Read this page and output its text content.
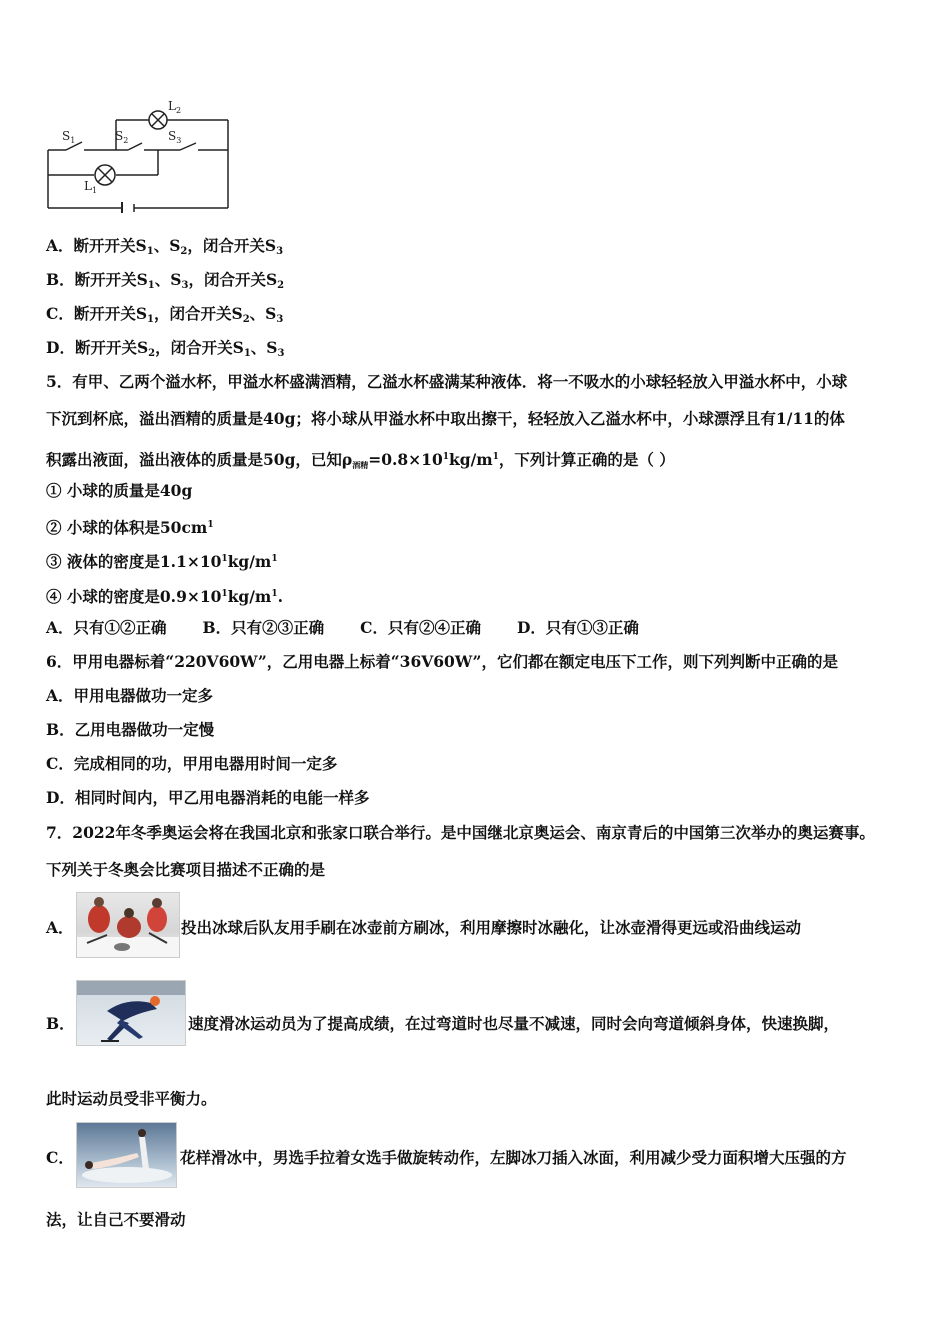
$S_1$	$S_2$	$S_3$
$L_1$
$L_2$
A．断开开关$S_1$、$S_2$，闭合开关$S_3$
B．断开开关$S_1$、$S_3$，闭合开关$S_2$
C．断开开关$S_1$，闭合开关$S_2$、$S_3$
D．断开开关$S_2$，闭合开关$S_1$、$S_3$
5．有甲、乙两个溢水杯，甲溢水杯盛满酒精，乙溢水杯盛满某种液体．将一不吸水的小球轻轻放入甲溢水杯中，小球
下沉到杯底，溢出酒精的质量是40g；将小球从甲溢水杯中取出擦干，轻轻放入乙溢水杯中，小球漂浮且有1/11的体
积露出液面，溢出液体的质量是50g，已知ρ酒精$=0.8\times 10^1kg/m^1$，下列计算正确的是（ ）
① 小球的质量是40g
② 小球的体积是$50cm^1$
③ 液体的密度是$1.1\times 10^1kg/m^1$
④ 小球的密度是$0.9\times 10^1kg/m^1$.
A．只有①②正确 B．只有②③正确 C．只有②④正确 D．只有①③正确
6．甲用电器标着“220V60W”，乙用电器上标着“36V60W”，它们都在额定电压下工作，则下列判断中正确的是
A．甲用电器做功一定多
B．乙用电器做功一定慢
C．完成相同的功，甲用电器用时间一定多
D．相同时间内，甲乙用电器消耗的电能一样多
7．2022年冬季奥运会将在我国北京和张家口联合举行。是中国继北京奥运会、南京青后的中国第三次举办的奥运赛事。
下列关于冬奥会比赛项目描述不正确的是
A．	投出冰球后队友用手刷在冰壶前方刷冰，利用摩擦时冰融化，让冰壶滑得更远或沿曲线运动
B．	速度滑冰运动员为了提高成绩，在过弯道时也尽量不减速，同时会向弯道倾斜身体，快速换脚，
此时运动员受非平衡力。
C．	花样滑冰中，男选手拉着女选手做旋转动作，左脚冰刀插入冰面，利用减少受力面积增大压强的方
法，让自己不要滑动
